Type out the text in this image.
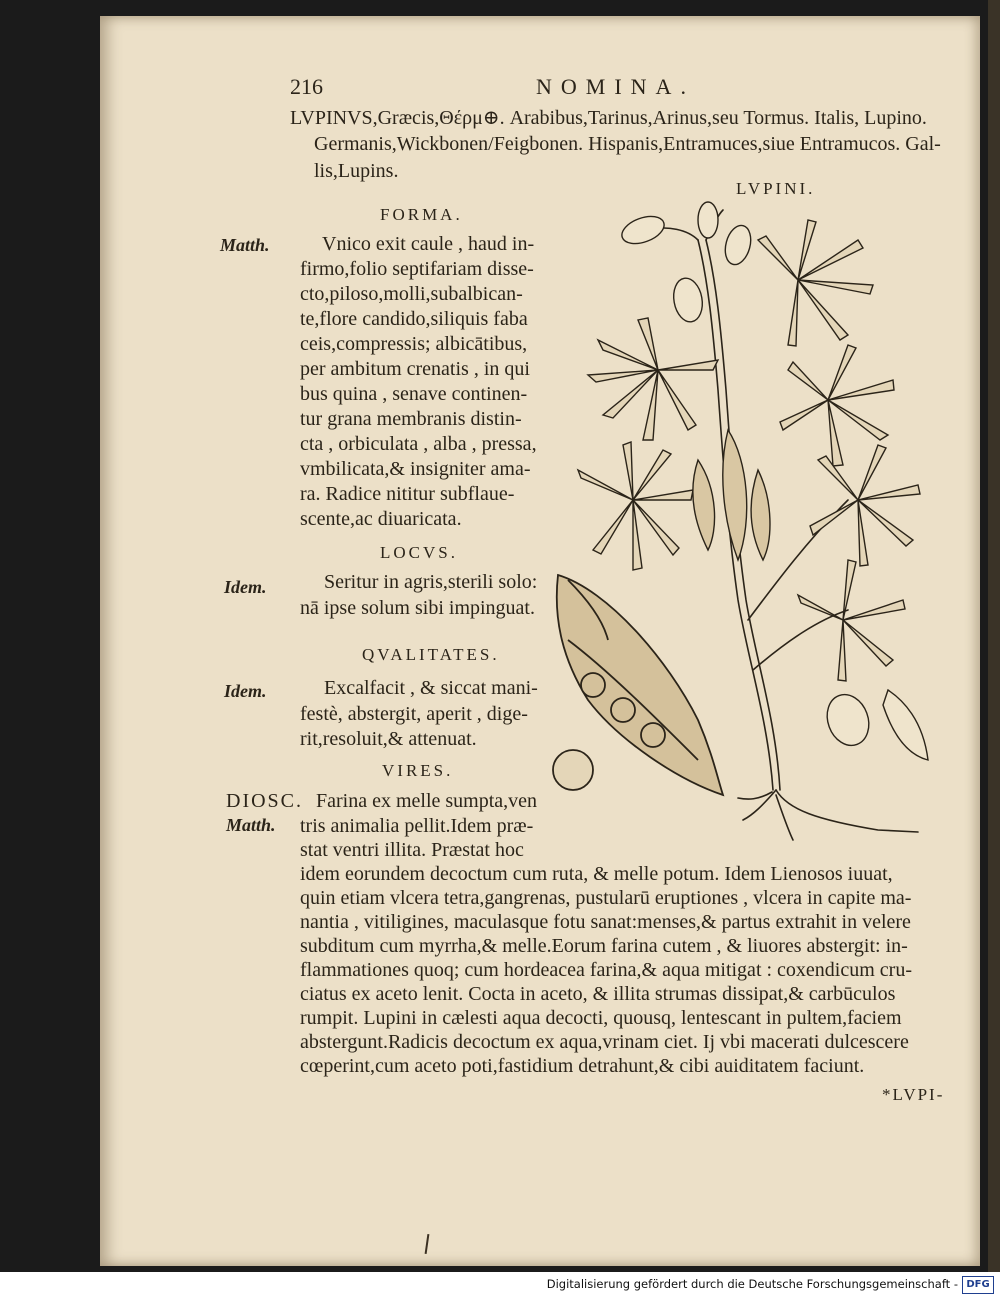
216	NOMINA.
LVPINVS,Græcis,Θέρμ⊕. Arabibus,Tarinus,Arinus,seu Tormus. Italis, Lupino.
Germanis,Wickbonen/Feigbonen. Hispanis,Entramuces,siue Entramucos. Gal-
lis,Lupins.
LVPINI.
FORMA.
Matth.	Vnico exit caule , haud in-
firmo,folio septifariam disse-
cto,piloso,molli,subalbican-
te,flore candido,siliquis faba
ceis,compressis; albicātibus,
per ambitum crenatis , in qui
bus quina , senave continen-
tur grana membranis distin-
cta , orbiculata , alba , pressa,
vmbilicata,& insigniter ama-
ra. Radice nititur subflaue-
scente,ac diuaricata.
LOCVS.
Idem.	Seritur in agris,sterili solo:
nā ipse solum sibi impinguat.
QVALITATES.
Idem.	Excalfacit , & siccat mani-
festè, abstergit, aperit , dige-
rit,resoluit,& attenuat.
VIRES.
DIOSC.
Matth.
Farina ex melle sumpta,ven
tris animalia pellit.Idem præ-
stat ventri illita. Præstat hoc
idem eorundem decoctum cum ruta, & melle potum. Idem Lienosos iuuat,
quin etiam vlcera tetra,gangrenas, pustularū eruptiones , vlcera in capite ma-
nantia , vitiligines, maculasque fotu sanat:menses,& partus extrahit in velere
subditum cum myrrha,& melle.Eorum farina cutem , & liuores abstergit: in-
flammationes quoq; cum hordeacea farina,& aqua mitigat : coxendicum cru-
ciatus ex aceto lenit. Cocta in aceto, & illita strumas dissipat,& carbūculos
rumpit. Lupini in cælesti aqua decocti, quousq, lentescant in pultem,faciem
abstergunt.Radicis decoctum ex aqua,vrinam ciet. Ij vbi macerati dulcescere
cœperint,cum aceto poti,fastidium detrahunt,& cibi auiditatem faciunt.
*LVPI-
Digitalisierung gefördert durch die Deutsche Forschungsgemeinschaft - DFG
